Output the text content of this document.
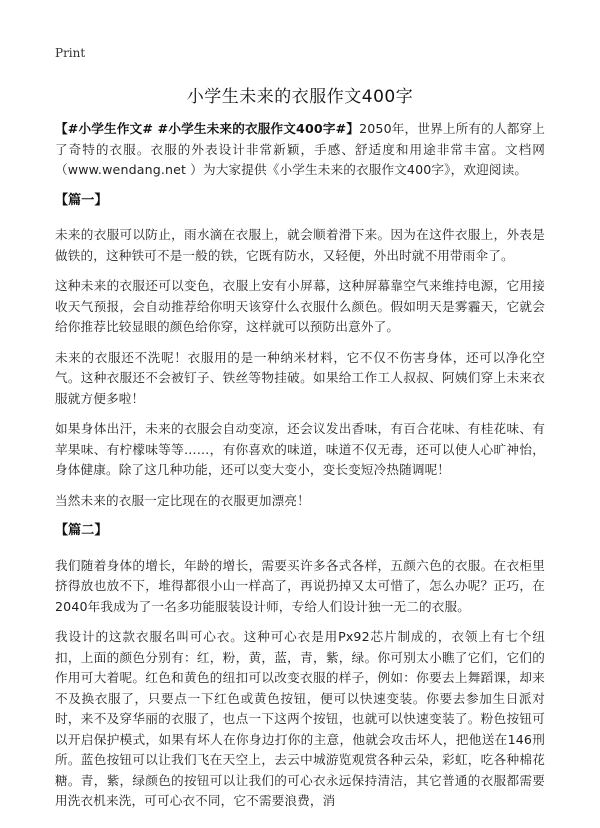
Print
小学生未来的衣服作文400字

【#小学生作文# #小学生未来的衣服作文400字#】2050年，世界上所有的人都穿上了奇特的衣服。衣服的外表设计非常新颖，手感、舒适度和用途非常丰富。文档网（www.wendang.net ）为大家提供《小学生未来的衣服作文400字》，欢迎阅读。

【篇一】

未来的衣服可以防止，雨水滴在衣服上，就会顺着滑下来。因为在这件衣服上，外表是做铁的，这种铁可不是一般的铁，它既有防水，又轻便，外出时就不用带雨伞了。

这种未来的衣服还可以变色，衣服上安有小屏幕，这种屏幕靠空气来维持电源，它用接收天气预报，会自动推荐给你明天该穿什么衣服什么颜色。假如明天是雾霾天，它就会给你推荐比较显眼的颜色给你穿，这样就可以预防出意外了。

未来的衣服还不洗呢！衣服用的是一种纳米材料，它不仅不伤害身体，还可以净化空气。这种衣服还不会被钉子、铁丝等物挂破。如果给工作工人叔叔、阿姨们穿上未来衣服就方便多啦！

如果身体出汗，未来的衣服会自动变凉，还会议发出香味，有百合花味、有桂花味、有苹果味、有柠檬味等等……，有你喜欢的味道，味道不仅无毒，还可以使人心旷神怡，身体健康。除了这几种功能，还可以变大变小，变长变短冷热随调呢！

当然未来的衣服一定比现在的衣服更加漂亮！

【篇二】

我们随着身体的增长，年龄的增长，需要买许多各式各样，五颜六色的衣服。在衣柜里挤得放也放不下，堆得都很小山一样高了，再说扔掉又太可惜了，怎么办呢？正巧，在2040年我成为了一名多功能服装设计师，专给人们设计独一无二的衣服。

我设计的这款衣服名叫可心衣。这种可心衣是用Px92芯片制成的，衣领上有七个纽扣，上面的颜色分别有：红，粉，黄，蓝，青，紫，绿。你可别太小瞧了它们，它们的作用可大着呢。红色和黄色的纽扣可以改变衣服的样子，例如：你要去上舞蹈课，却来不及换衣服了，只要点一下红色或黄色按钮，便可以快速变装。你要去参加生日派对时，来不及穿华丽的衣服了，也点一下这两个按钮，也就可以快速变装了。粉色按钮可以开启保护模式，如果有坏人在你身边打你的主意，他就会攻击坏人，把他送在146刑所。蓝色按钮可以让我们飞在天空上，去云中城游览观赏各种云朵，彩虹，吃各种棉花糖。青，紫，绿颜色的按钮可以让我们的可心衣永远保持清洁，其它普通的衣服都需要用洗衣机来洗，可可心衣不同，它不需要浪费，消
